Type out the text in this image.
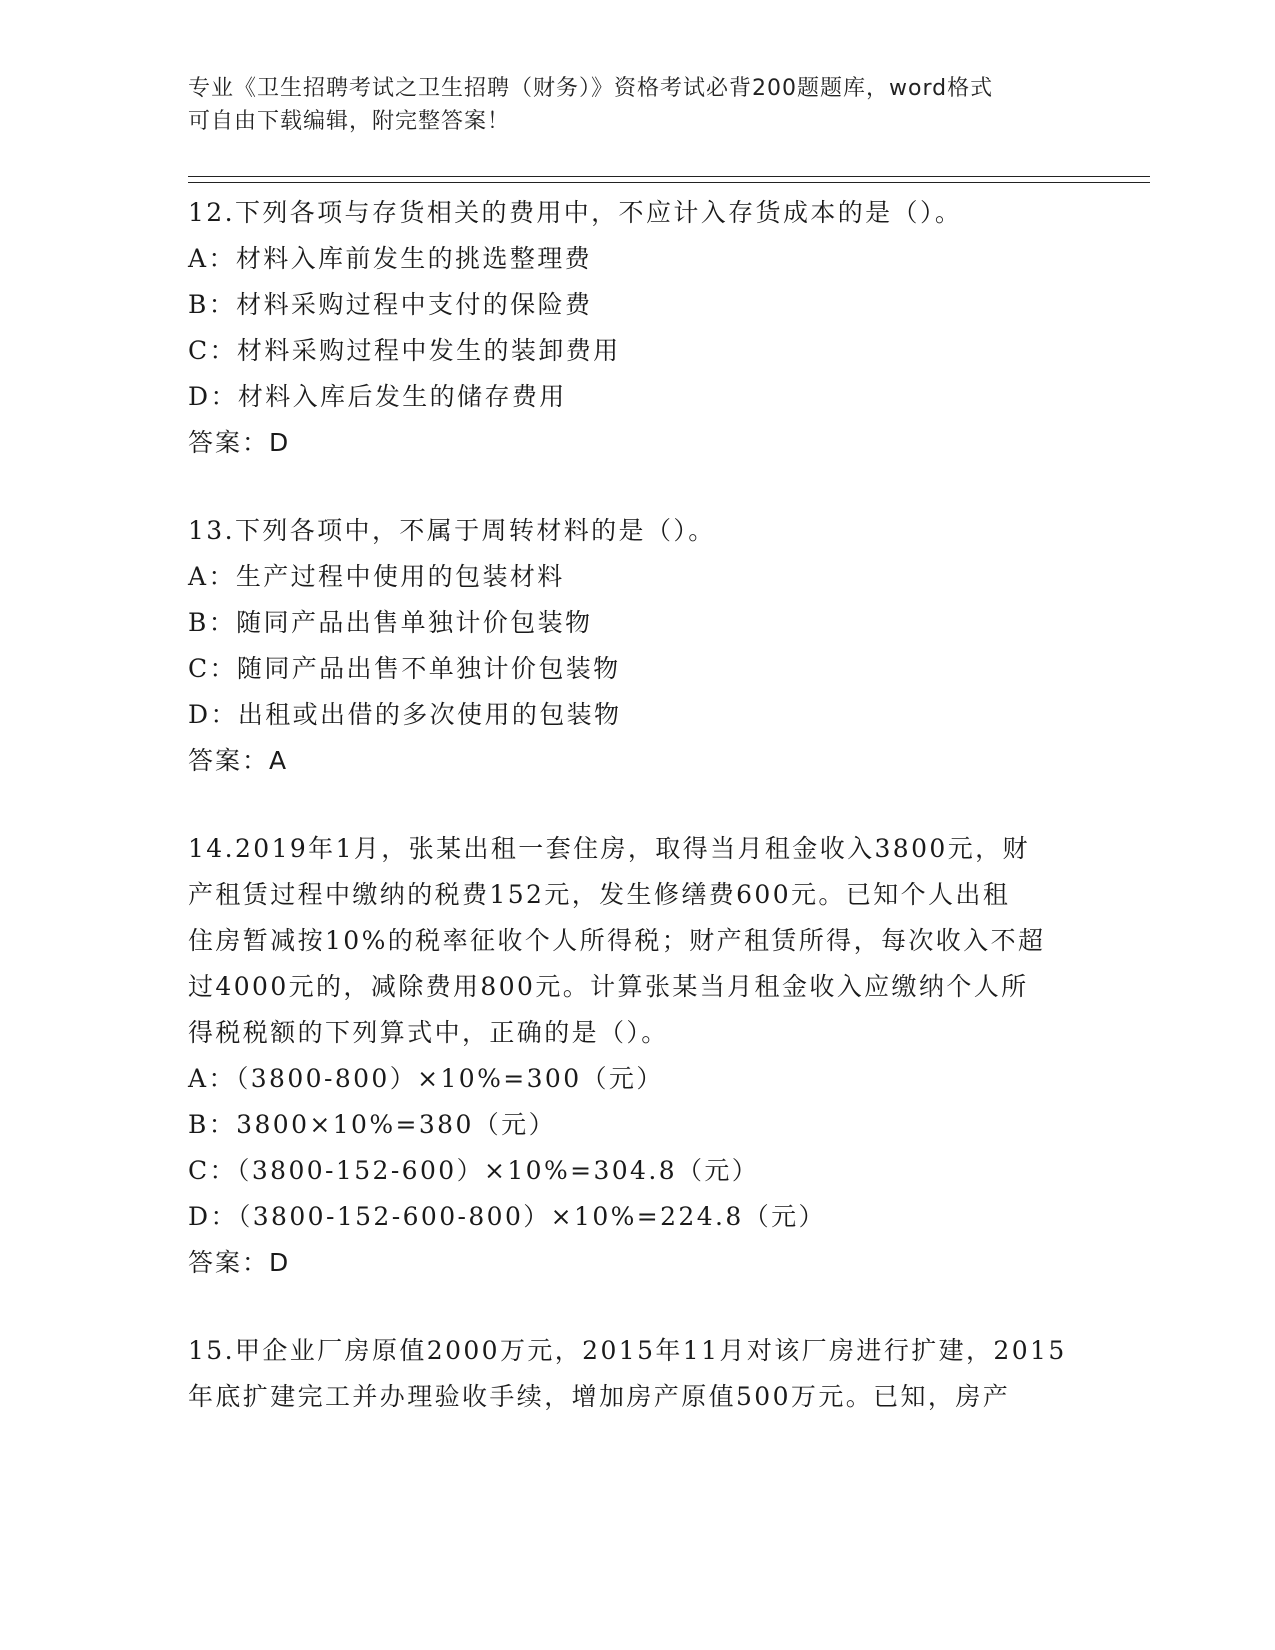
专业《卫生招聘考试之卫生招聘（财务）》资格考试必背200题题库，word格式
可自由下载编辑，附完整答案！
12.下列各项与存货相关的费用中，不应计入存货成本的是（）。
A：材料入库前发生的挑选整理费
B：材料采购过程中支付的保险费
C：材料采购过程中发生的装卸费用
D：材料入库后发生的储存费用
答案：D
13.下列各项中，不属于周转材料的是（）。
A：生产过程中使用的包装材料
B：随同产品出售单独计价包装物
C：随同产品出售不单独计价包装物
D：出租或出借的多次使用的包装物
答案：A
14.2019年1月，张某出租一套住房，取得当月租金收入3800元，财
产租赁过程中缴纳的税费152元，发生修缮费600元。已知个人出租
住房暂减按10%的税率征收个人所得税；财产租赁所得，每次收入不超
过4000元的，减除费用800元。计算张某当月租金收入应缴纳个人所
得税税额的下列算式中，正确的是（）。
A：（3800-800）×10%=300（元）
B：3800×10%=380（元）
C：（3800-152-600）×10%=304.8（元）
D：（3800-152-600-800）×10%=224.8（元）
答案：D
15.甲企业厂房原值2000万元，2015年11月对该厂房进行扩建，2015
年底扩建完工并办理验收手续，增加房产原值500万元。已知，房产
